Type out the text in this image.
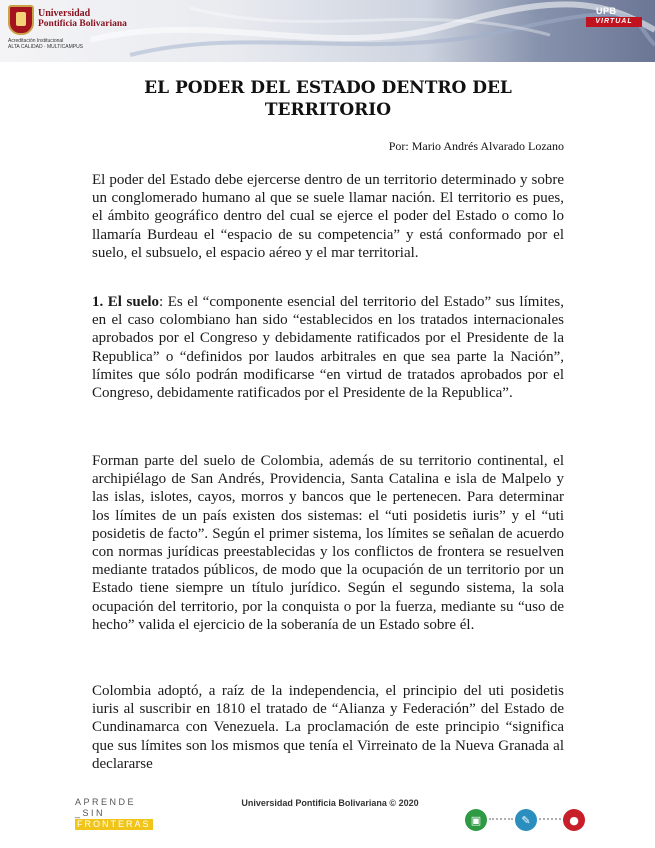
Universidad
Pontificia Bolivariana
Acreditación Institucional
ALTA CALIDAD · MULTICAMPUS
UPB
VIRTUAL
EL PODER DEL ESTADO DENTRO DEL TERRITORIO
Por: Mario Andrés Alvarado Lozano
El poder del Estado debe ejercerse dentro de un territorio determinado y sobre un conglomerado humano al que se suele llamar nación. El territorio es pues, el ámbito geográfico dentro del cual se ejerce el poder del Estado o como lo llamaría Burdeau el “espacio de su competencia” y está conformado por el suelo, el subsuelo, el espacio aéreo y el mar territorial.
1. El suelo: Es el “componente esencial del territorio del Estado” sus límites, en el caso colombiano han sido “establecidos en los tratados internacionales aprobados por el Congreso y debidamente ratificados por el Presidente de la Republica” o “definidos por laudos arbitrales en que sea parte la Nación”, límites que sólo podrán modificarse “en virtud de tratados aprobados por el Congreso, debidamente ratificados por el Presidente de la Republica”.
Forman parte del suelo de Colombia, además de su territorio continental, el archipiélago de San Andrés, Providencia, Santa Catalina e isla de Malpelo y las islas, islotes, cayos, morros y bancos que le pertenecen. Para determinar los límites de un país existen dos sistemas: el “uti posidetis iuris” y el “uti posidetis de facto”. Según el primer sistema, los límites se señalan de acuerdo con normas jurídicas preestablecidas y los conflictos de frontera se resuelven mediante tratados públicos, de modo que la ocupación de un territorio por un Estado tiene siempre un título jurídico. Según el segundo sistema, la sola ocupación del territorio, por la conquista o por la fuerza, mediante su “uso de hecho” valida el ejercicio de la soberanía de un Estado sobre él.
Colombia adoptó, a raíz de la independencia, el principio del uti posidetis iuris al suscribir en 1810 el tratado de “Alianza y Federación” del Estado de Cundinamarca con Venezuela. La proclamación de este principio “significa que sus límites son los mismos que tenía el Virreinato de la Nueva Granada al declararse
APRENDE
_SIN
FRONTERAS
Universidad Pontificia Bolivariana © 2020
▣	✎	●
